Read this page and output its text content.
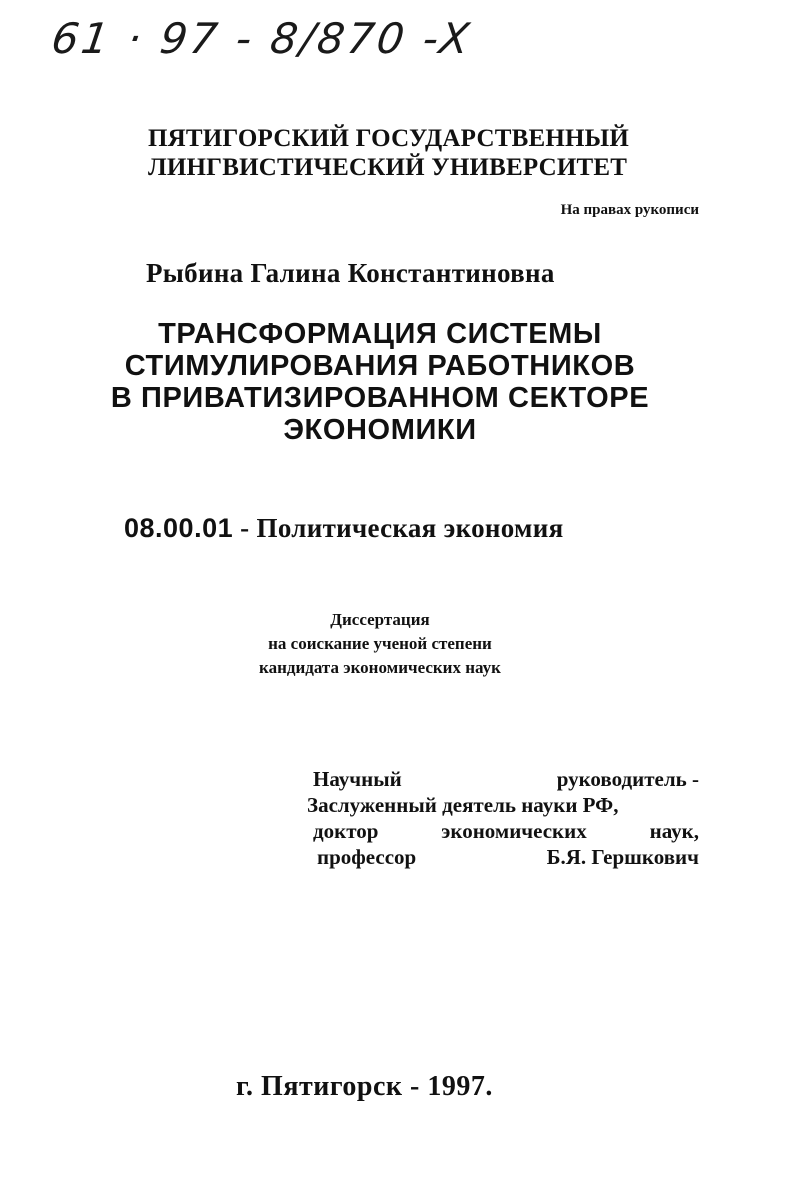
61 · 97 - 8/870 -X
ПЯТИГОРСКИЙ ГОСУДАРСТВЕННЫЙ
ЛИНГВИСТИЧЕСКИЙ УНИВЕРСИТЕТ
На правах рукописи
Рыбина Галина Константиновна
ТРАНСФОРМАЦИЯ СИСТЕМЫ
СТИМУЛИРОВАНИЯ РАБОТНИКОВ
В ПРИВАТИЗИРОВАННОМ СЕКТОРЕ
ЭКОНОМИКИ
08.00.01 - Политическая экономия
Диссертация
на соискание ученой степени
кандидата экономических наук
Научный	руководитель -
Заслуженный деятель науки РФ,
доктор	экономических	наук,
профессор	Б.Я. Гершкович
г. Пятигорск - 1997.
